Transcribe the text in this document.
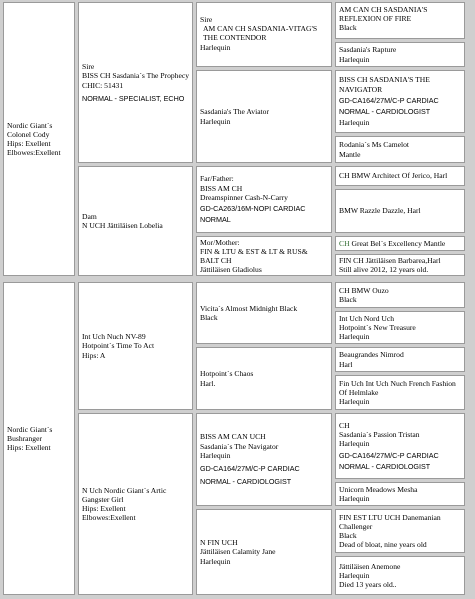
Nordic Giant´s Colonel Cody
Hips: Exellent
Elbowes:Exellent
Nordic Giant´s Bushranger
Hips: Exellent
Sire
BISS CH Sasdania´s The Prophecy
CHIC: 51431
NORMAL - SPECIALIST, ECHO
Dam
N UCH Jättiläisen Lobelia
Int Uch Nuch NV-89
Hotpoint´s Time To Act
Hips: A
N Uch Nordic Giant´s Artic Gangster Girl
Hips: Exellent
Elbowes:Exellent
Sire
AM CAN CH SASDANIA-VITAG'S THE CONTENDOR
Harlequin
Sasdania's The Aviator
Harlequin
Far/Father:
BISS AM CH
Dreamspinner Cash-N-Carry
GD-CA263/16M-NOPI CARDIAC
NORMAL
Mor/Mother:
FIN & LTU & EST & LT & RUS& BALT CH
Jättiläisen Gladiolus
Vicita´s Almost Midnight Black
Black
Hotpoint´s Chaos
Harl.
BISS AM CAN UCH
Sasdania´s The Navigator
Harlequin
GD-CA164/27M/C-P CARDIAC
NORMAL - CARDIOLOGIST
N FIN UCH
Jättiläisen Calamity Jane
Harlequin
AM CAN CH SASDANIA'S REFLEXION OF FIRE
Black
Sasdania's Rapture
Harlequin
BISS CH SASDANIA'S THE NAVIGATOR
GD-CA164/27M/C-P CARDIAC
NORMAL - CARDIOLOGIST
Harlequin
Rodania´s Ms Camelot
Mantle
CH BMW Architect Of Jerico, Harl
BMW Razzle Dazzle, Harl
CH Great Bel´s Excellency Mantle
FIN CH Jättiläisen Barbarea,Harl
Still alive 2012, 12 years old.
CH BMW Ouzo
Black
Int Uch Nord Uch
Hotpoint´s New Treasure
Harlequin
Beaugrandes Nimrod
Harl
Fin Uch Int Uch Nuch French Fashion Of Helmlake
Harlequin
CH
Sasdania´s Passion Tristan
Harlequin
GD-CA164/27M/C-P CARDIAC
NORMAL - CARDIOLOGIST
Unicorn Meadows Mesha
Harlequin
FIN EST LTU UCH Danemanian Challenger
Black
Dead of bloat, nine years old
Jättiläisen Anemone
Harlequin
Died 13 years old..
